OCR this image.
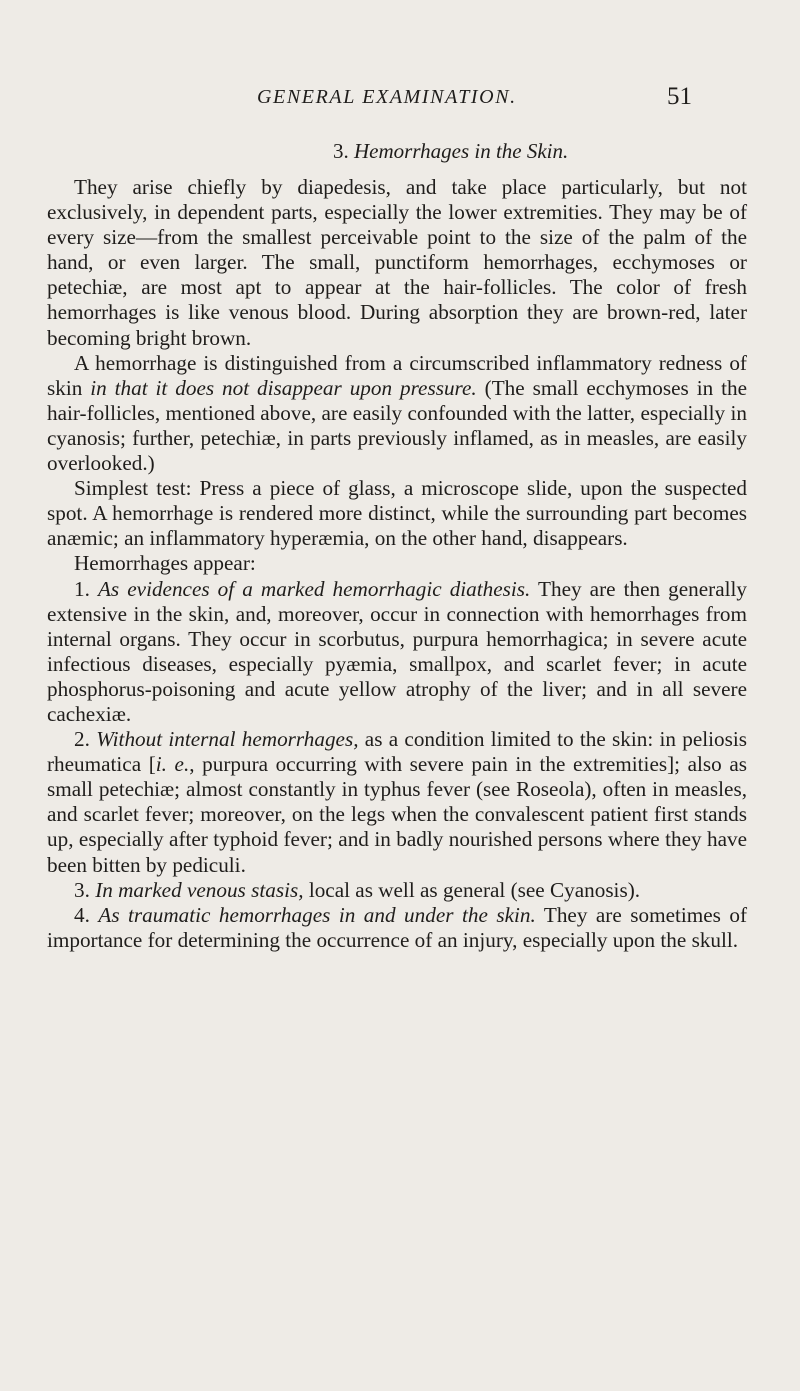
GENERAL EXAMINATION.	51
3. Hemorrhages in the Skin.

They arise chiefly by diapedesis, and take place particularly, but not exclusively, in dependent parts, especially the lower extremities. They may be of every size—from the smallest perceivable point to the size of the palm of the hand, or even larger. The small, punctiform hemorrhages, ecchymoses or petechiæ, are most apt to appear at the hair-follicles. The color of fresh hemorrhages is like venous blood. During absorption they are brown-red, later becoming bright brown.

A hemorrhage is distinguished from a circumscribed inflammatory redness of skin in that it does not disappear upon pressure. (The small ecchymoses in the hair-follicles, mentioned above, are easily confounded with the latter, especially in cyanosis; further, petechiæ, in parts previously inflamed, as in measles, are easily overlooked.)

Simplest test: Press a piece of glass, a microscope slide, upon the suspected spot. A hemorrhage is rendered more distinct, while the surrounding part becomes anæmic; an inflammatory hyperæmia, on the other hand, disappears.

Hemorrhages appear:

1. As evidences of a marked hemorrhagic diathesis. They are then generally extensive in the skin, and, moreover, occur in connection with hemorrhages from internal organs. They occur in scorbutus, purpura hemorrhagica; in severe acute infectious diseases, especially pyæmia, smallpox, and scarlet fever; in acute phosphorus-poisoning and acute yellow atrophy of the liver; and in all severe cachexiæ.

2. Without internal hemorrhages, as a condition limited to the skin: in peliosis rheumatica [i. e., purpura occurring with severe pain in the extremities]; also as small petechiæ; almost constantly in typhus fever (see Roseola), often in measles, and scarlet fever; moreover, on the legs when the convalescent patient first stands up, especially after typhoid fever; and in badly nourished persons where they have been bitten by pediculi.

3. In marked venous stasis, local as well as general (see Cyanosis).

4. As traumatic hemorrhages in and under the skin. They are sometimes of importance for determining the occurrence of an injury, especially upon the skull.
